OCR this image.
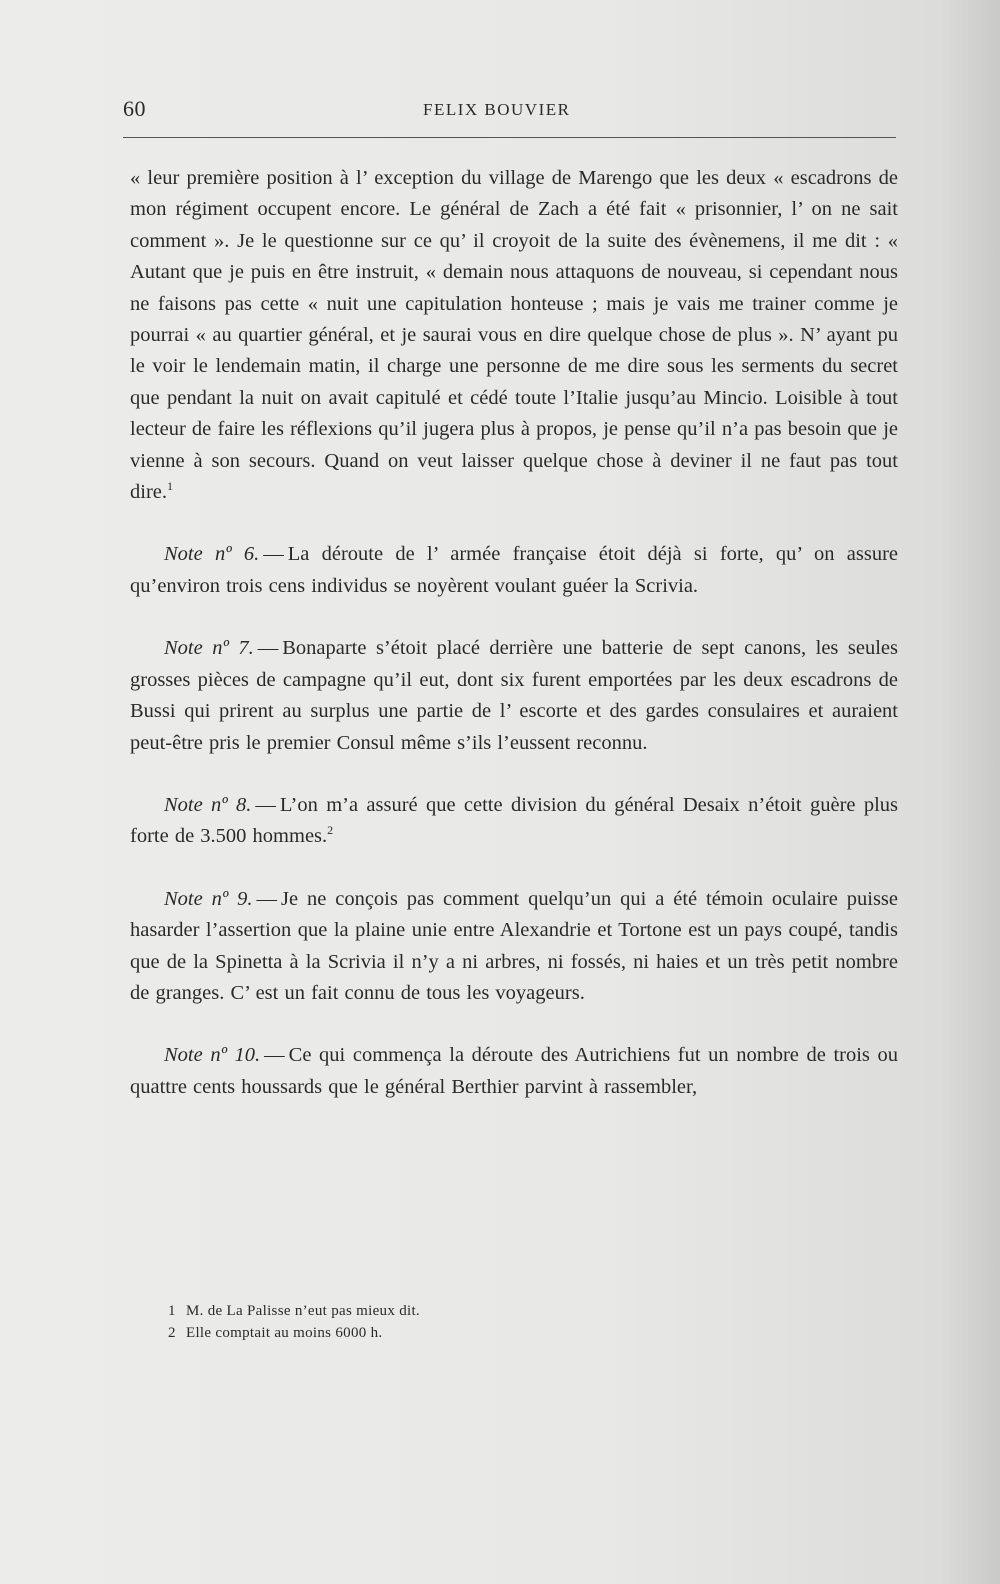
60	FELIX BOUVIER

« leur première position à l’ exception du village de Marengo que les deux « escadrons de mon régiment occupent encore. Le général de Zach a été fait « prisonnier, l’ on ne sait comment ». Je le questionne sur ce qu’ il croyoit de la suite des évènemens, il me dit : « Autant que je puis en être instruit, « demain nous attaquons de nouveau, si cependant nous ne faisons pas cette « nuit une capitulation honteuse ; mais je vais me trainer comme je pourrai « au quartier général, et je saurai vous en dire quelque chose de plus ». N’ ayant pu le voir le lendemain matin, il charge une personne de me dire sous les serments du secret que pendant la nuit on avait capitulé et cédé toute l’Italie jusqu’au Mincio. Loisible à tout lecteur de faire les réflexions qu’il jugera plus à propos, je pense qu’il n’a pas besoin que je vienne à son secours. Quand on veut laisser quelque chose à deviner il ne faut pas tout dire.$^1$

Note nº 6. — La déroute de l’ armée française étoit déjà si forte, qu’ on assure qu’environ trois cens individus se noyèrent voulant guéer la Scrivia.

Note nº 7. — Bonaparte s’étoit placé derrière une batterie de sept canons, les seules grosses pièces de campagne qu’il eut, dont six furent emportées par les deux escadrons de Bussi qui prirent au surplus une partie de l’ escorte et des gardes consulaires et auraient peut-être pris le premier Consul même s’ils l’eussent reconnu.

Note nº 8. — L’on m’a assuré que cette division du général Desaix n’étoit guère plus forte de 3.500 hommes.$^2$

Note nº 9. — Je ne conçois pas comment quelqu’un qui a été témoin oculaire puisse hasarder l’assertion que la plaine unie entre Alexandrie et Tortone est un pays coupé, tandis que de la Spinetta à la Scrivia il n’y a ni arbres, ni fossés, ni haies et un très petit nombre de granges. C’ est un fait connu de tous les voyageurs.

Note nº 10. — Ce qui commença la déroute des Autrichiens fut un nombre de trois ou quattre cents houssards que le général Berthier parvint à rassembler,

1 M. de La Palisse n’eut pas mieux dit.

2 Elle comptait au moins 6000 h.
